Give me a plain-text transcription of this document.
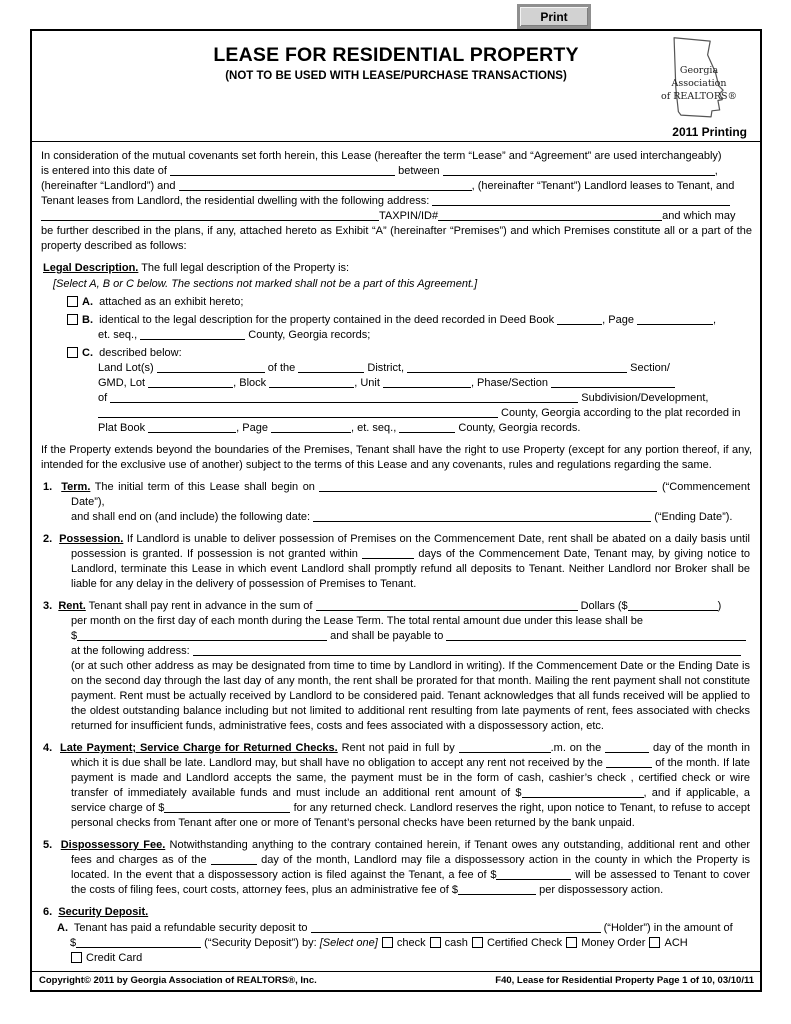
Print
LEASE FOR RESIDENTIAL PROPERTY
(NOT TO BE USED WITH LEASE/PURCHASE TRANSACTIONS)	Georgia
Association
of REALTORS®
2011 Printing
In consideration of the mutual covenants set forth herein, this Lease (hereafter the term “Lease” and “Agreement” are used interchangeably)
is entered into this date of	between	,
(hereinafter “Landlord”) and	, (hereinafter “Tenant”) Landlord leases to Tenant, and
Tenant leases from Landlord, the residential dwelling with the following address:
TAXPIN/ID#	and which may
be further described in the plans, if any, attached hereto as Exhibit “A” (hereinafter “Premises”) and which Premises constitute all or a part of the property described as follows:
Legal Description. The full legal description of the Property is:
[Select A, B or C below. The sections not marked shall not be a part of this Agreement.]
A.  attached as an exhibit hereto;
B.  identical to the legal description for the property contained in the deed recorded in Deed Book	, Page	,
et. seq.,	County, Georgia records;
C.  described below:
Land Lot(s)	of the	District,	Section/
GMD, Lot	, Block	, Unit	, Phase/Section
of	Subdivision/Development,
County, Georgia according to the plat recorded in
Plat Book	, Page	, et. seq.,	County, Georgia records.
If the Property extends beyond the boundaries of the Premises, Tenant shall have the right to use Property (except for any portion thereof, if any, intended for the exclusive use of another) subject to the terms of this Lease and any covenants, rules and regulations regarding the same.
1. Term. The initial term of this Lease shall begin on	(“Commencement Date”),
and shall end on (and include) the following date:	(“Ending Date”).
2. Possession. If Landlord is unable to deliver possession of Premises on the Commencement Date, rent shall be abated on a daily basis until possession is granted. If possession is not granted within	days of the Commencement Date, Tenant may, by giving notice to Landlord, terminate this Lease in which event Landlord shall promptly refund all deposits to Tenant. Neither Landlord nor Broker shall be liable for any delay in the delivery of possession of Premises to Tenant.
3. Rent. Tenant shall pay rent in advance in the sum of	Dollars ($	)
per month on the first day of each month during the Lease Term. The total rental amount due under this lease shall be
$	and shall be payable to
at the following address:
(or at such other address as may be designated from time to time by Landlord in writing). If the Commencement Date or the Ending Date is on the second day through the last day of any month, the rent shall be prorated for that month. Mailing the rent payment shall not constitute payment. Rent must be actually received by Landlord to be considered paid. Tenant acknowledges that all funds received will be applied to the oldest outstanding balance including but not limited to additional rent resulting from late payments of rent, fees associated with checks returned for insufficient funds, administrative fees, costs and fees associated with a dispossessory action, etc.
4. Late Payment; Service Charge for Returned Checks. Rent not paid in full by	.m. on the	day of the month in which it is due shall be late. Landlord may, but shall have no obligation to accept any rent not received by the	of the month. If late payment is made and Landlord accepts the same, the payment must be in the form of cash, cashier’s check , certified check or wire transfer of immediately available funds and must include an additional rent amount of $	, and if applicable, a service charge of $	for any returned check. Landlord reserves the right, upon notice to Tenant, to refuse to accept personal checks from Tenant after one or more of Tenant’s personal checks have been returned by the bank unpaid.
5. Dispossessory Fee. Notwithstanding anything to the contrary contained herein, if Tenant owes any outstanding, additional rent and other fees and charges as of the	day of the month, Landlord may file a dispossessory action in the county in which the Property is located. In the event that a dispossessory action is filed against the Tenant, a fee of $	will be assessed to Tenant to cover the costs of filing fees, court costs, attorney fees, plus an administrative fee of $	per dispossessory action.
6. Security Deposit.
A.  Tenant has paid a refundable security deposit to	(“Holder”) in the amount of
$	(“Security Deposit”) by: [Select one] check cash Certified Check Money Order ACH
Credit Card
Copyright© 2011 by Georgia Association of REALTORS®, Inc.	F40, Lease for Residential Property Page 1 of 10, 03/10/11
